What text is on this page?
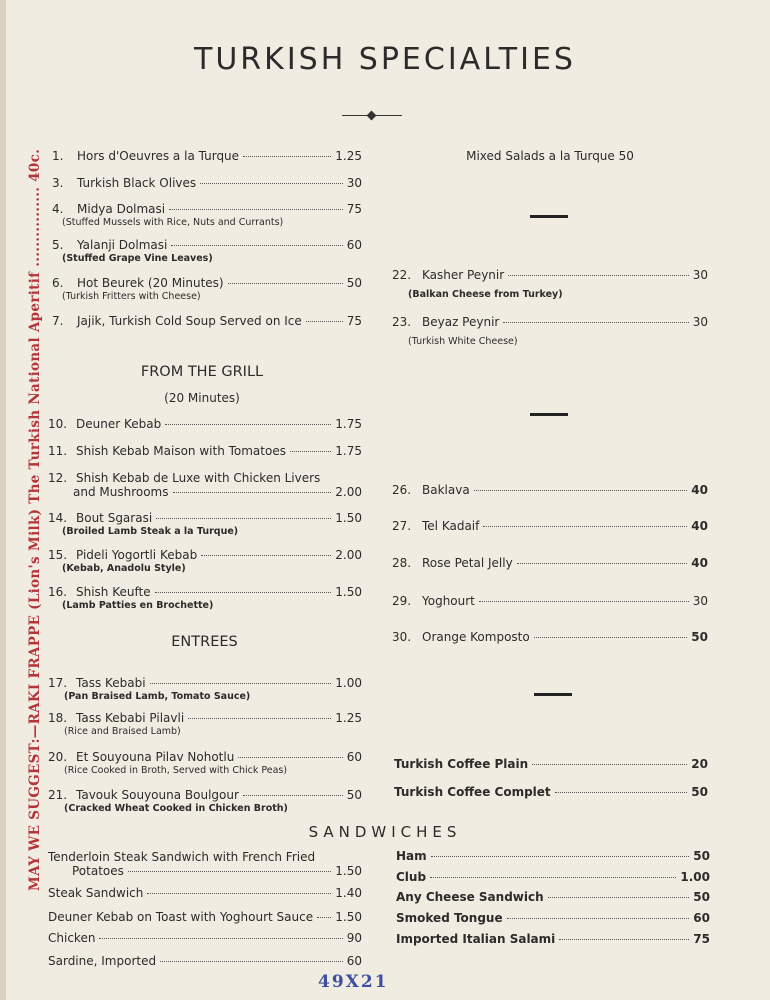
MAY WE SUGGEST:—RAKI FRAPPE (Lion's Milk) The Turkish National Aperitif ................ 40c.
TURKISH SPECIALTIES
1.	Hors d'Oeuvres a la Turque	1.25
3.	Turkish Black Olives	30
4.	Midya Dolmasi	75
(Stuffed Mussels with Rice, Nuts and Currants)
5.	Yalanji Dolmasi	60
(Stuffed Grape Vine Leaves)
6.	Hot Beurek (20 Minutes)	50
(Turkish Fritters with Cheese)
7.	Jajik, Turkish Cold Soup Served on Ice	75
Mixed Salads a la Turque 50
22. Kasher Peynir	30
(Balkan Cheese from Turkey)
23. Beyaz Peynir	30
(Turkish White Cheese)
FROM THE GRILL
(20 Minutes)
10. Deuner Kebab	1.75
11. Shish Kebab Maison with Tomatoes	1.75
12. Shish Kebab de Luxe with Chicken Livers
and Mushrooms	2.00
14. Bout Sgarasi	1.50
(Broiled Lamb Steak a la Turque)
15. Pideli Yogortli Kebab	2.00
(Kebab, Anadolu Style)
16. Shish Keufte	1.50
(Lamb Patties en Brochette)
26. Baklava	40
27. Tel Kadaif	40
28. Rose Petal Jelly	40
29. Yoghourt	30
30. Orange Komposto	50
ENTREES
17. Tass Kebabi	1.00
(Pan Braised Lamb, Tomato Sauce)
18. Tass Kebabi Pilavli	1.25
(Rice and Braised Lamb)
20. Et Souyouna Pilav Nohotlu	60
(Rice Cooked in Broth, Served with Chick Peas)
21. Tavouk Souyouna Boulgour	50
(Cracked Wheat Cooked in Chicken Broth)
Turkish Coffee Plain	20
Turkish Coffee Complet	50
SANDWICHES
Tenderloin Steak Sandwich with French Fried
Potatoes	1.50
Steak Sandwich	1.40
Deuner Kebab on Toast with Yoghourt Sauce 1.50
Chicken	90
Sardine, Imported	60
Ham	50
Club	1.00
Any Cheese Sandwich	50
Smoked Tongue	60
Imported Italian Salami	75
49X21
